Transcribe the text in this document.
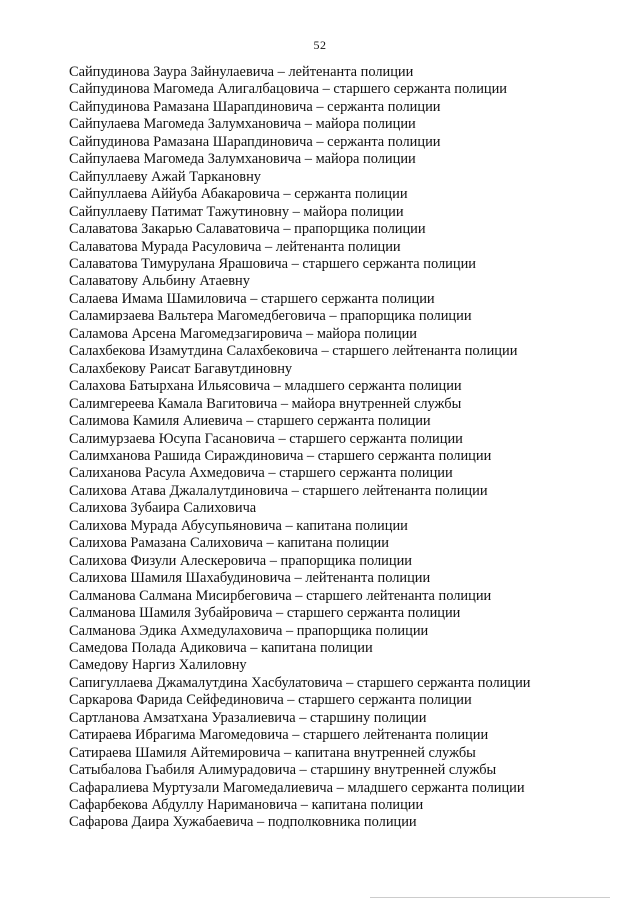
52
Сайпудинова Заура Зайнулаевича – лейтенанта полиции
Сайпудинова Магомеда Алигалбацовича – старшего сержанта полиции
Сайпудинова Рамазана Шарапдиновича – сержанта полиции
Сайпулаева Магомеда Залумхановича – майора полиции
Сайпудинова Рамазана Шарапдиновича – сержанта полиции
Сайпулаева Магомеда Залумхановича – майора полиции
Сайпуллаеву Ажай Таркановну
Сайпуллаева Аййуба Абакаровича – сержанта полиции
Сайпуллаеву Патимат Тажутиновну – майора полиции
Салаватова Закарью Салаватовича – прапорщика полиции
Салаватова Мурада Расуловича – лейтенанта полиции
Салаватова Тимурулана Ярашовича – старшего сержанта полиции
Салаватову Альбину Атаевну
Салаева Имама Шамиловича – старшего сержанта полиции
Саламирзаева Вальтера Магомедбеговича – прапорщика полиции
Саламова Арсена Магомедзагировича – майора полиции
Салахбекова Изамутдина Салахбековича – старшего лейтенанта полиции
Салахбекову Раисат Багавутдиновну
Салахова Батырхана Ильясовича – младшего сержанта полиции
Салимгереева Камала Вагитовича – майора внутренней службы
Салимова Камиля Алиевича – старшего сержанта полиции
Салимурзаева Юсупа Гасановича – старшего сержанта полиции
Салимханова Рашида Сираждиновича – старшего сержанта полиции
Салиханова Расула Ахмедовича – старшего сержанта полиции
Салихова Атава Джалалутдиновича – старшего лейтенанта полиции
Салихова Зубаира Салиховича
Салихова Мурада Абусупьяновича – капитана полиции
Салихова Рамазана Салиховича – капитана полиции
Салихова Физули Алескеровича – прапорщика полиции
Салихова Шамиля Шахабудиновича – лейтенанта полиции
Салманова Салмана Мисирбеговича – старшего лейтенанта полиции
Салманова Шамиля Зубайровича – старшего сержанта полиции
Салманова Эдика Ахмедулаховича – прапорщика полиции
Самедова Полада Адиковича – капитана полиции
Самедову Наргиз Халиловну
Сапигуллаева Джамалутдина Хасбулатовича – старшего сержанта полиции
Саркарова Фарида Сейфединовича – старшего сержанта полиции
Сартланова Амзатхана Уразалиевича – старшину полиции
Сатираева Ибрагима Магомедовича – старшего лейтенанта полиции
Сатираева Шамиля Айтемировича – капитана внутренней службы
Сатыбалова Гьабиля Алимурадовича – старшину внутренней службы
Сафаралиева Муртузали Магомедалиевича – младшего сержанта полиции
Сафарбекова Абдуллу Наримановича – капитана полиции
Сафарова Даира Хужабаевича – подполковника полиции
